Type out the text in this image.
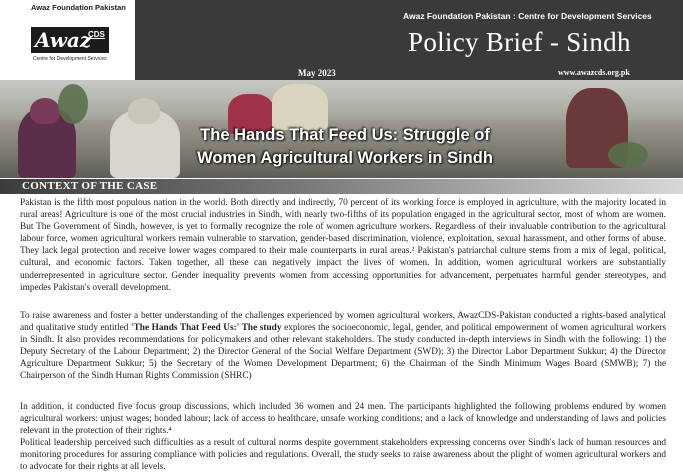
Awaz Foundation Pakistan
Awaz
CDS
Centre for Development Services
Awaz Foundation Pakistan : Centre for Development Services
Policy Brief - Sindh
May 2023	www.awazcds.org.pk
The Hands That Feed Us: Struggle of
Women Agricultural Workers in Sindh
CONTEXT OF THE CASE

Pakistan is the fifth most populous nation in the world. Both directly and indirectly, 70 percent of its working force is employed in agriculture, with the majority located in rural areas! Agriculture is one of the most crucial industries in Sindh, with nearly two-fifths of its population engaged in the agricultural sector, most of whom are women. But The Government of Sindh, however, is yet to formally recognize the role of women agriculture workers. Regardless of their invaluable contribution to the agricultural labour force, women agricultural workers remain vulnerable to starvation, gender-based discrimination, violence, exploitation, sexual harassment, and other forms of abuse. They lack legal protection and receive lower wages compared to their male counterparts in rural areas.² Pakistan's patriarchal culture stems from a mix of legal, political, cultural, and economic factors. Taken together, all these can negatively impact the lives of women. In addition, women agricultural workers are substantially underrepresented in agriculture sector. Gender inequality prevents women from accessing opportunities for advancement, perpetuates harmful gender stereotypes, and impedes Pakistan's overall development.

To raise awareness and foster a better understanding of the challenges experienced by women agricultural workers, AwazCDS-Pakistan conducted a rights-based analytical and qualitative study entitled 'The Hands That Feed Us:' The study explores the socioeconomic, legal, gender, and political empowerment of women agricultural workers in Sindh. It also provides recommendations for policymakers and other relevant stakeholders. The study conducted in-depth interviews in Sindh with the following: 1) the Deputy Secretary of the Labour Department; 2) the Director General of the Social Welfare Department (SWD); 3) the Director Labor Department Sukkur; 4) the Director Agriculture Department Sukkur; 5) the Secretary of the Women Development Department; 6) the Chairman of the Sindh Minimum Wages Board (SMWB); 7) the Chairperson of the Sindh Human Rights Commission (SHRC)

In addition, it conducted five focus group discussions, which included 36 women and 24 men. The participants highlighted the following problems endured by women agricultural workers: unjust wages; bonded labour; lack of access to healthcare, unsafe working conditions; and a lack of knowledge and understanding of laws and policies relevant in the protection of their rights.⁴

Political leadership perceived such difficulties as a result of cultural norms despite government stakeholders expressing concerns over Sindh's lack of human resources and monitoring procedures for assuring compliance with policies and regulations. Overall, the study seeks to raise awareness about the plight of women agricultural workers and to advocate for their rights at all levels.
